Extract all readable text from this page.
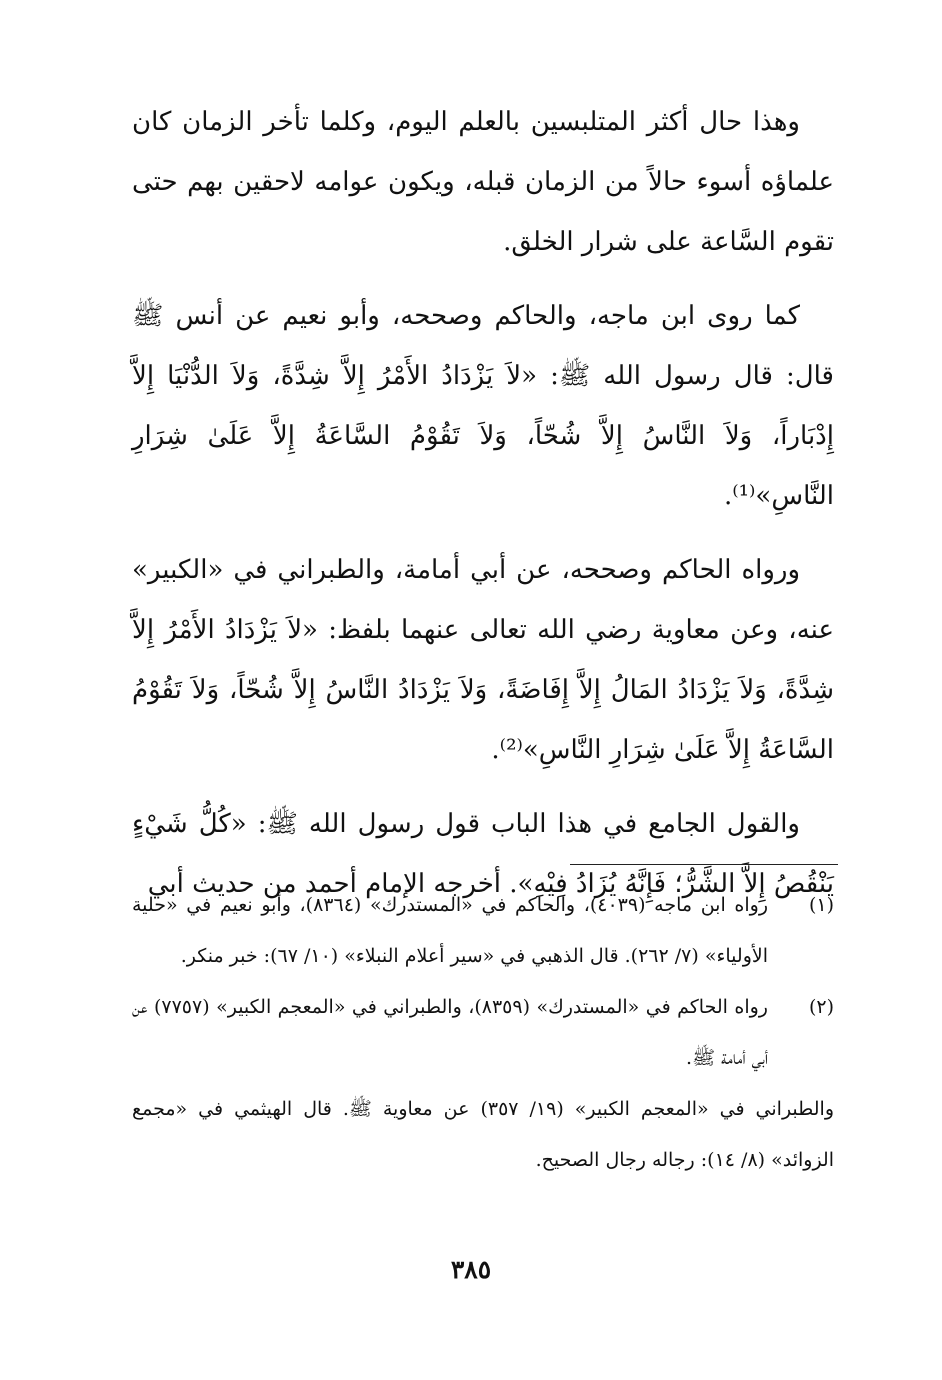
وهذا حال أكثر المتلبسين بالعلم اليوم، وكلما تأخر الزمان كان علماؤه أسوء حالاً من الزمان قبله، ويكون عوامه لاحقين بهم حتى تقوم السَّاعة على شرار الخلق.

كما روى ابن ماجه، والحاكم وصححه، وأبو نعيم عن أنس ﷺ قال: قال رسول الله ﷺ: «لاَ يَزْدَادُ الأَمْرُ إِلاَّ شِدَّةً، وَلاَ الدُّنْيَا إِلاَّ إِدْبَاراً، وَلاَ النَّاسُ إِلاَّ شُحّاً، وَلاَ تَقُوْمُ السَّاعَةُ إِلاَّ عَلَىٰ شِرَارِ النَّاسِ»⁽¹⁾.

ورواه الحاكم وصححه، عن أبي أمامة، والطبراني في «الكبير» عنه، وعن معاوية رضي الله تعالى عنهما بلفظ: «لاَ يَزْدَادُ الأَمْرُ إِلاَّ شِدَّةً، وَلاَ يَزْدَادُ المَالُ إِلاَّ إِفَاضَةً، وَلاَ يَزْدَادُ النَّاسُ إِلاَّ شُحّاً، وَلاَ تَقُوْمُ السَّاعَةُ إِلاَّ عَلَىٰ شِرَارِ النَّاسِ»⁽²⁾.

والقول الجامع في هذا الباب قول رسول الله ﷺ: «كُلُّ شَيْءٍ يَنْقُصُ إِلاَّ الشَّرُّ؛ فَإِنَّهُ يُزَادُ فِيْهِ». أخرجه الإمام أحمد من حديث أبي

(١)

رواه ابن ماجه (٤٠٣٩)، والحاكم في «المستدرك» (٨٣٦٤)، وأبو نعيم في «حلية الأولياء» (٧/ ٢٦٢). قال الذهبي في «سير أعلام النبلاء» (١٠/ ٦٧): خبر منكر.

(٢)

رواه الحاكم في «المستدرك» (٨٣٥٩)، والطبراني في «المعجم الكبير» (٧٧٥٧) عن أبي أمامة ﷺ.

والطبراني في «المعجم الكبير» (١٩/ ٣٥٧) عن معاوية ﷺ. قال الهيثمي في «مجمع الزوائد» (٨/ ١٤): رجاله رجال الصحيح.

٣٨٥
